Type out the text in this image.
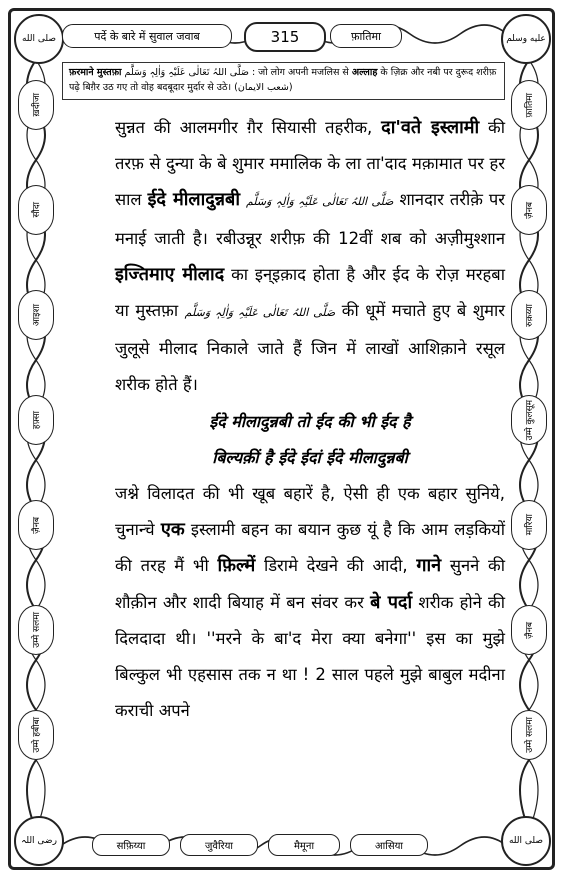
صلى الله	عليه وسلم
رضی اللہ	صلى الله
पर्दे के बारे में सुवाल जवाब	315	फ़ातिमा
ख़दीजा
सौदा
आइशा
हफ़्सा
ज़ैनब
उम्मे सलमा
उम्मे हबीबा
फ़ातिमा
ज़ैनब
रुक़य्या
उम्मे कुलसूम
मारिया
ज़ैनब
उम्मे सलमा
फ़रमाने मुस्तफ़ा صَلَّی اللہُ تَعَالٰی عَلَیْہِ وَاٰلِہٖ وَسَلَّم : जो लोग अपनी मजलिस से अल्लाह के ज़िक्र और नबी पर दुरूद शरीफ़ पढ़े बिग़ैर उठ गए तो वोह बदबूदार मुर्दार से उठे। (شعب الایمان)

सुन्नत की आलमगीर ग़ैर सियासी तहरीक, दा'वते इस्लामी की तरफ़ से दुन्या के बे शुमार ममालिक के ला ता'दाद मक़ामात पर हर साल ईदे मीलादुन्नबी صَلَّی اللہُ تَعَالٰی عَلَیْہِ وَاٰلِہٖ وَسَلَّم शानदार तरीक़े पर मनाई जाती है। रबीउन्नूर शरीफ़ की 12वीं शब को अज़ीमुश्शान इज्तिमाए मीलाद का इन्इक़ाद होता है और ईद के रोज़ मरहबा या मुस्तफ़ा صَلَّی اللہُ تَعَالٰی عَلَیْہِ وَاٰلِہٖ وَسَلَّم की धूमें मचाते हुए बे शुमार जुलूसे मीलाद निकाले जाते हैं जिन में लाखों आशिक़ाने रसूल शरीक होते हैं।

ईदे मीलादुन्नबी तो ईद की भी ईद है

बिल्यक़ीं है ईदे ईदां ईदे मीलादुन्नबी

जश्ने विलादत की भी खूब बहारें है, ऐसी ही एक बहार सुनिये, चुनान्चे एक इस्लामी बहन का बयान कुछ यूं है कि आम लड़कियों की तरह मैं भी फ़िल्में डिरामे देखने की आदी, गाने सुनने की शौक़ीन और शादी बियाह में बन संवर कर बे पर्दा शरीक होने की दिलदादा थी। ''मरने के बा'द मेरा क्या बनेगा'' इस का मुझे बिल्कुल भी एहसास तक न था ! 2 साल पहले मुझे बाबुल मदीना कराची अपने

सफ़िय्या	जुवैरिया	मैमूना	आसिया
